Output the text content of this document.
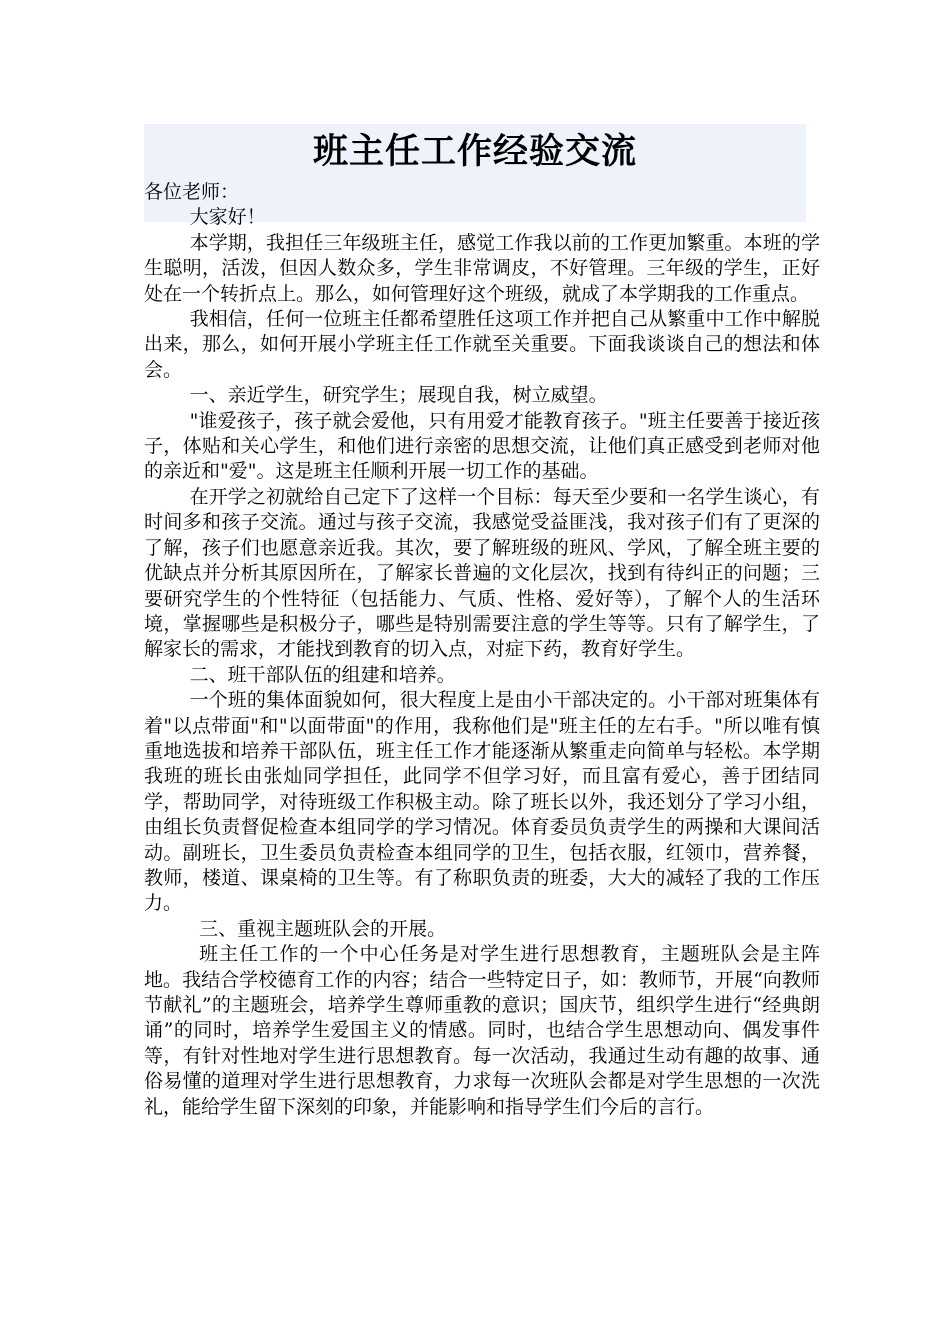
班主任工作经验交流

各位老师：

大家好！

本学期，我担任三年级班主任，感觉工作我以前的工作更加繁重。本班的学生聪明，活泼，但因人数众多，学生非常调皮，不好管理。三年级的学生，正好处在一个转折点上。那么，如何管理好这个班级，就成了本学期我的工作重点。

我相信，任何一位班主任都希望胜任这项工作并把自己从繁重中工作中解脱出来，那么，如何开展小学班主任工作就至关重要。下面我谈谈自己的想法和体会。

一、亲近学生，研究学生；展现自我，树立威望。

"谁爱孩子，孩子就会爱他，只有用爱才能教育孩子。"班主任要善于接近孩子，体贴和关心学生，和他们进行亲密的思想交流，让他们真正感受到老师对他的亲近和"爱"。这是班主任顺利开展一切工作的基础。

在开学之初就给自己定下了这样一个目标：每天至少要和一名学生谈心，有时间多和孩子交流。通过与孩子交流，我感觉受益匪浅，我对孩子们有了更深的了解，孩子们也愿意亲近我。其次，要了解班级的班风、学风，了解全班主要的优缺点并分析其原因所在，了解家长普遍的文化层次，找到有待纠正的问题；三要研究学生的个性特征（包括能力、气质、性格、爱好等），了解个人的生活环境，掌握哪些是积极分子，哪些是特别需要注意的学生等等。只有了解学生，了解家长的需求，才能找到教育的切入点，对症下药，教育好学生。

二、班干部队伍的组建和培养。

一个班的集体面貌如何，很大程度上是由小干部决定的。小干部对班集体有着"以点带面"和"以面带面"的作用，我称他们是"班主任的左右手。"所以唯有慎重地选拔和培养干部队伍，班主任工作才能逐渐从繁重走向简单与轻松。本学期我班的班长由张灿同学担任，此同学不但学习好，而且富有爱心，善于团结同学，帮助同学，对待班级工作积极主动。除了班长以外，我还划分了学习小组，由组长负责督促检查本组同学的学习情况。体育委员负责学生的两操和大课间活动。副班长，卫生委员负责检查本组同学的卫生，包括衣服，红领巾，营养餐，教师，楼道、课桌椅的卫生等。有了称职负责的班委，大大的减轻了我的工作压力。

三、重视主题班队会的开展。

班主任工作的一个中心任务是对学生进行思想教育，主题班队会是主阵地。我结合学校德育工作的内容；结合一些特定日子，如：教师节，开展“向教师节献礼”的主题班会，培养学生尊师重教的意识；国庆节，组织学生进行“经典朗诵”的同时，培养学生爱国主义的情感。同时，也结合学生思想动向、偶发事件等，有针对性地对学生进行思想教育。每一次活动，我通过生动有趣的故事、通俗易懂的道理对学生进行思想教育，力求每一次班队会都是对学生思想的一次洗礼，能给学生留下深刻的印象，并能影响和指导学生们今后的言行。
